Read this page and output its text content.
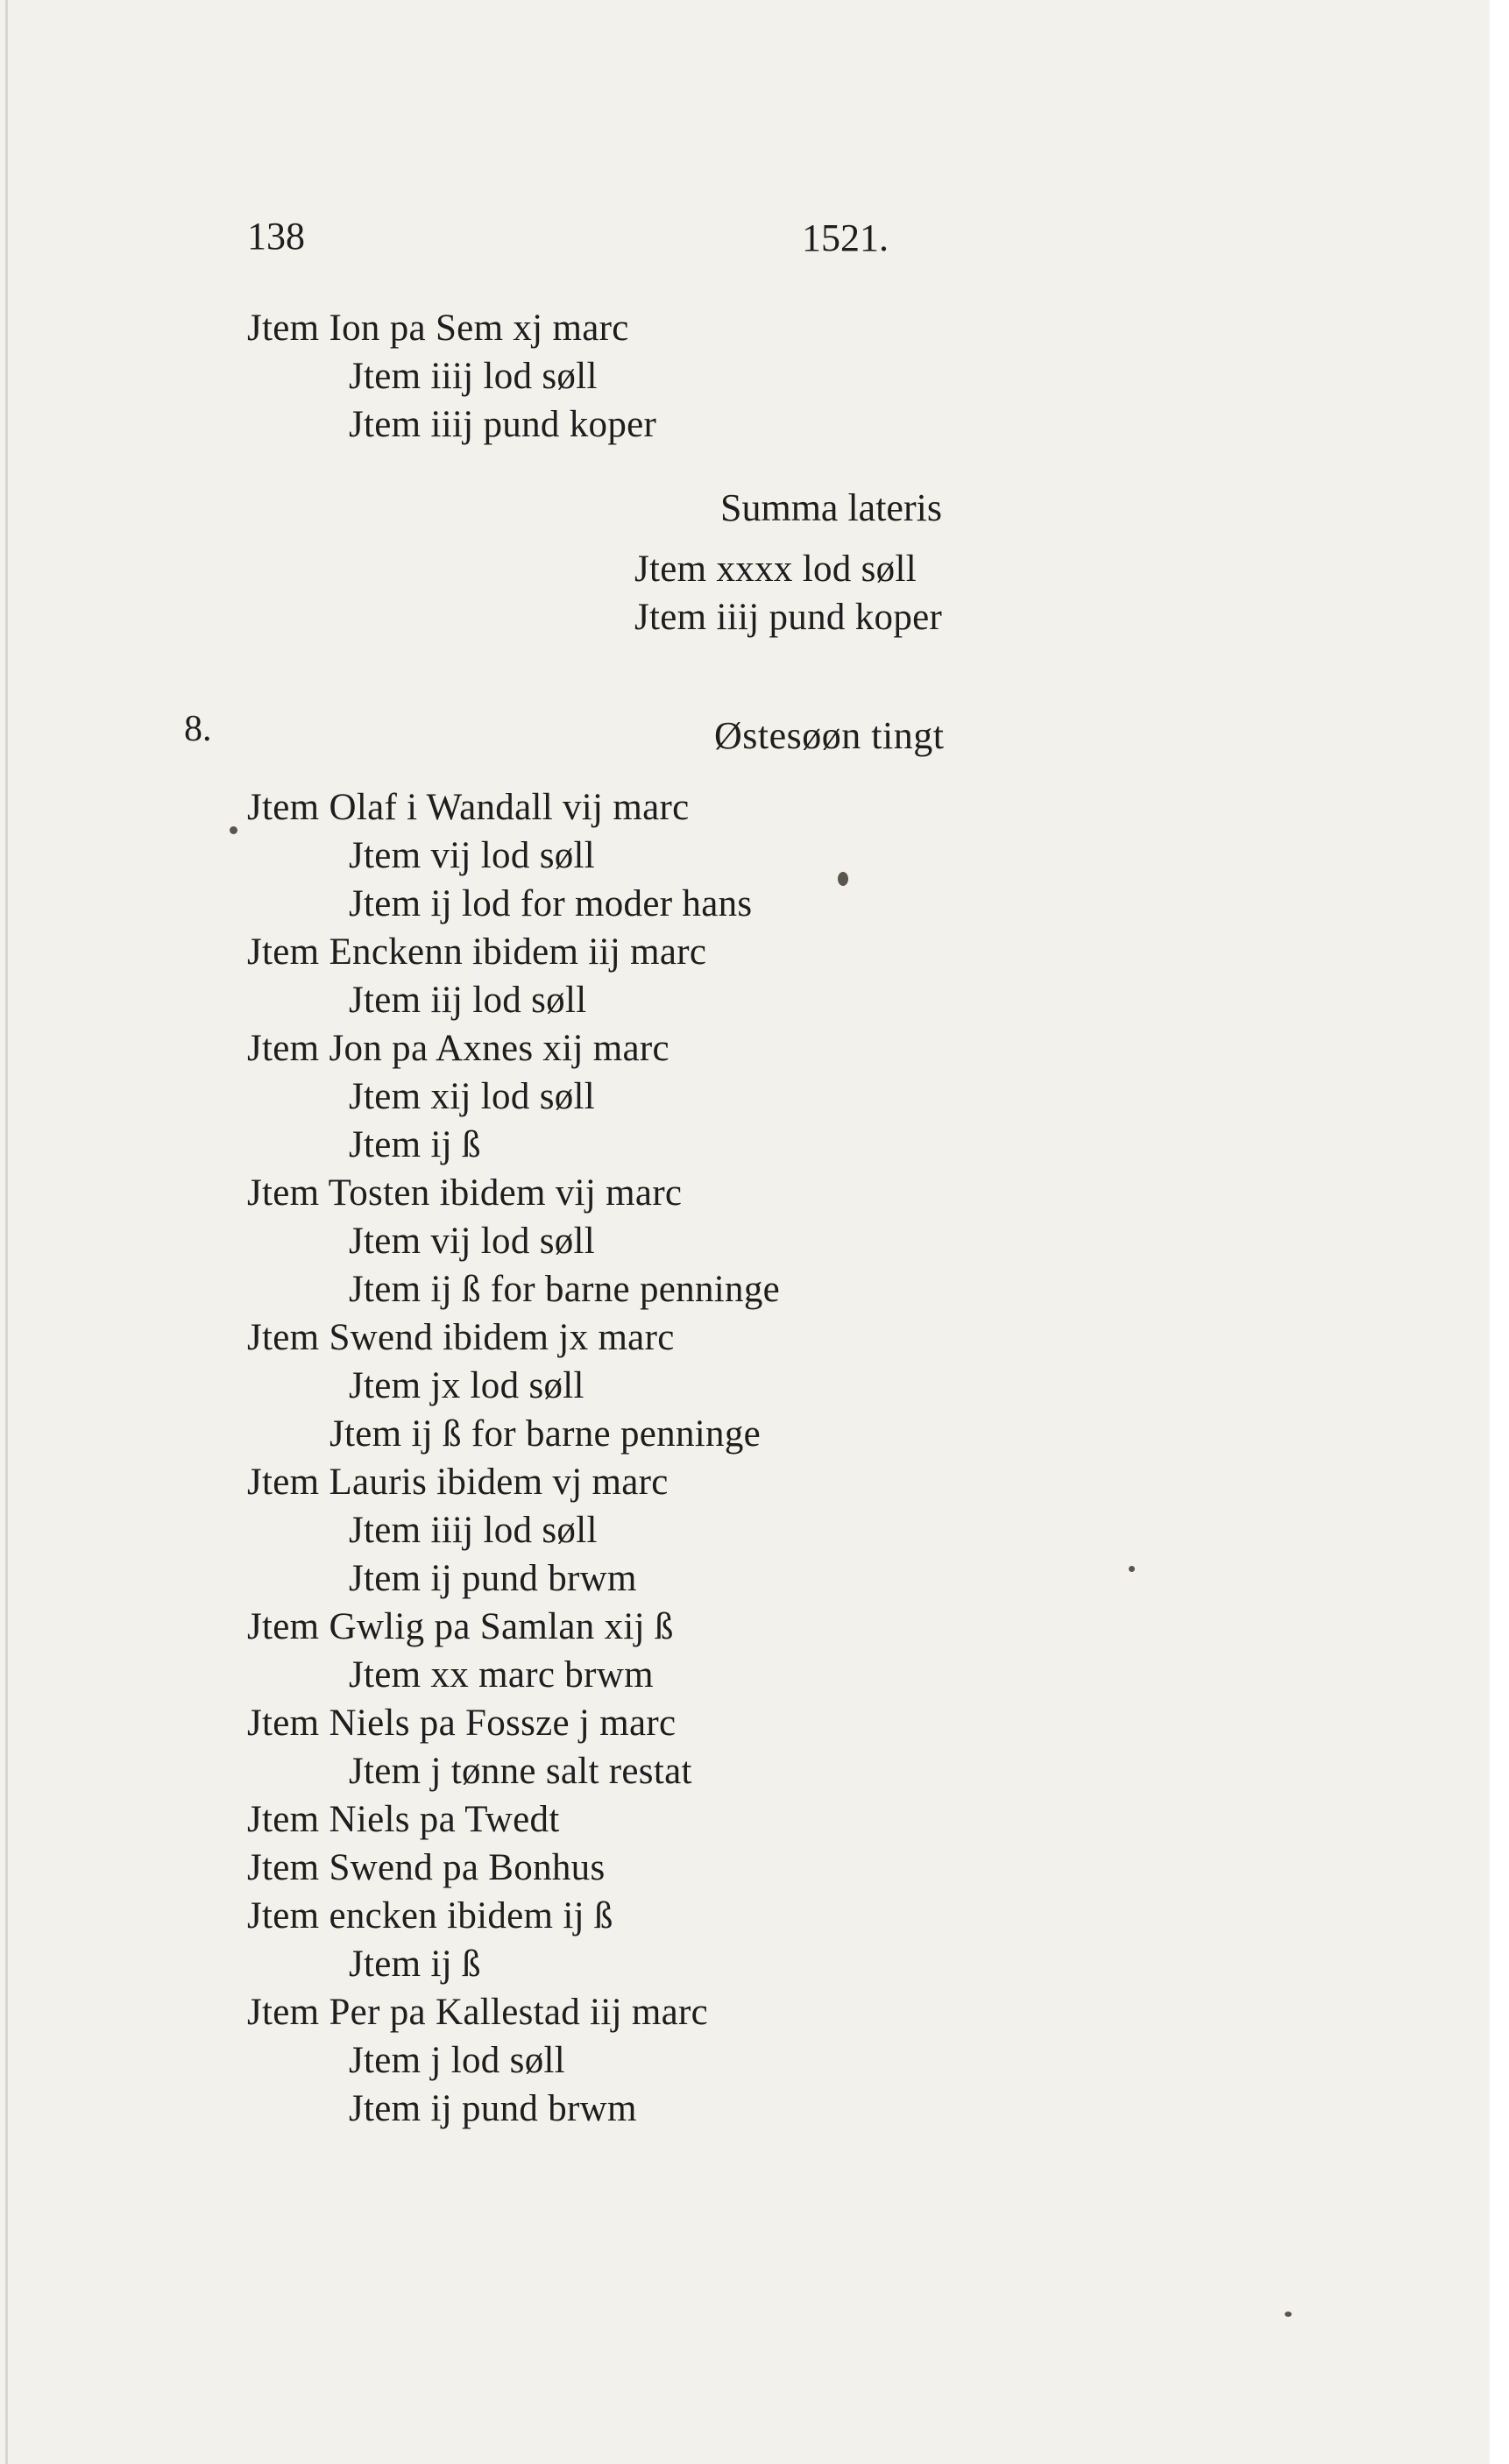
138	1521.
Jtem Ion pa Sem xj marc
Jtem iiij lod søll
Jtem iiij pund koper
Summa lateris
Jtem xxxx lod søll
Jtem iiij pund koper
8.	Østesøøn tingt
Jtem Olaf i Wandall vij marc
Jtem vij lod søll
Jtem ij lod for moder hans
Jtem Enckenn ibidem iij marc
Jtem iij lod søll
Jtem Jon pa Axnes xij marc
Jtem xij lod søll
Jtem ij ß
Jtem Tosten ibidem vij marc
Jtem vij lod søll
Jtem ij ß for barne penninge
Jtem Swend ibidem jx marc
Jtem jx lod søll
Jtem ij ß for barne penninge
Jtem Lauris ibidem vj marc
Jtem iiij lod søll
Jtem ij pund brwm
Jtem Gwlig pa Samlan xij ß
Jtem xx marc brwm
Jtem Niels pa Fossze j marc
Jtem j tønne salt restat
Jtem Niels pa Twedt
Jtem Swend pa Bonhus
Jtem encken ibidem ij ß
Jtem ij ß
Jtem Per pa Kallestad iij marc
Jtem j lod søll
Jtem ij pund brwm
